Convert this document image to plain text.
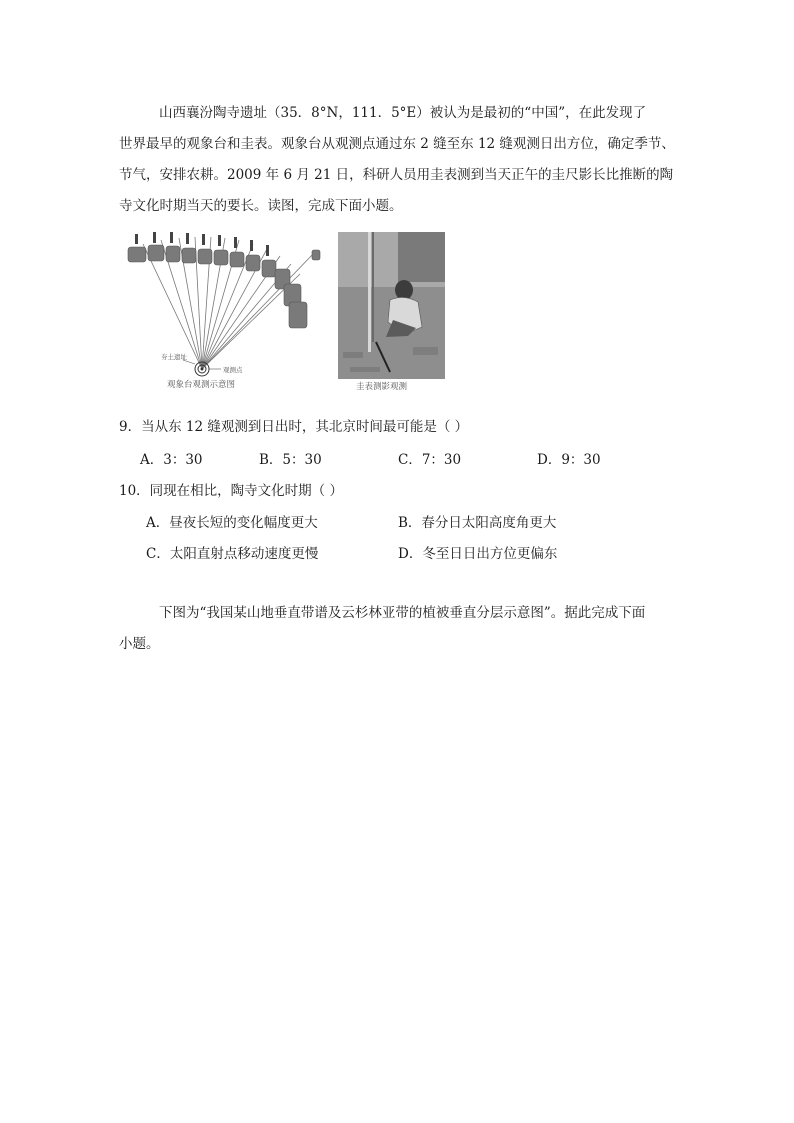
山西襄汾陶寺遗址（35．8°N，111．5°E）被认为是最初的“中国”，在此发现了
世界最早的观象台和圭表。观象台从观测点通过东 2 缝至东 12 缝观测日出方位，确定季节、
节气，安排农耕。2009 年 6 月 21 日，科研人员用圭表测到当天正午的圭尺影长比推断的陶
寺文化时期当天的要长。读图，完成下面小题。
夯土遗址
观测点
观象台观测示意图	圭表测影观测
9．当从东 12 缝观测到日出时，其北京时间最可能是（ ）
A．3：30	B．5：30	C．7：30	D．9：30
10．同现在相比，陶寺文化时期（ ）
A．昼夜长短的变化幅度更大	B．春分日太阳高度角更大
C．太阳直射点移动速度更慢	D．冬至日日出方位更偏东
下图为“我国某山地垂直带谱及云杉林亚带的植被垂直分层示意图”。据此完成下面
小题。
